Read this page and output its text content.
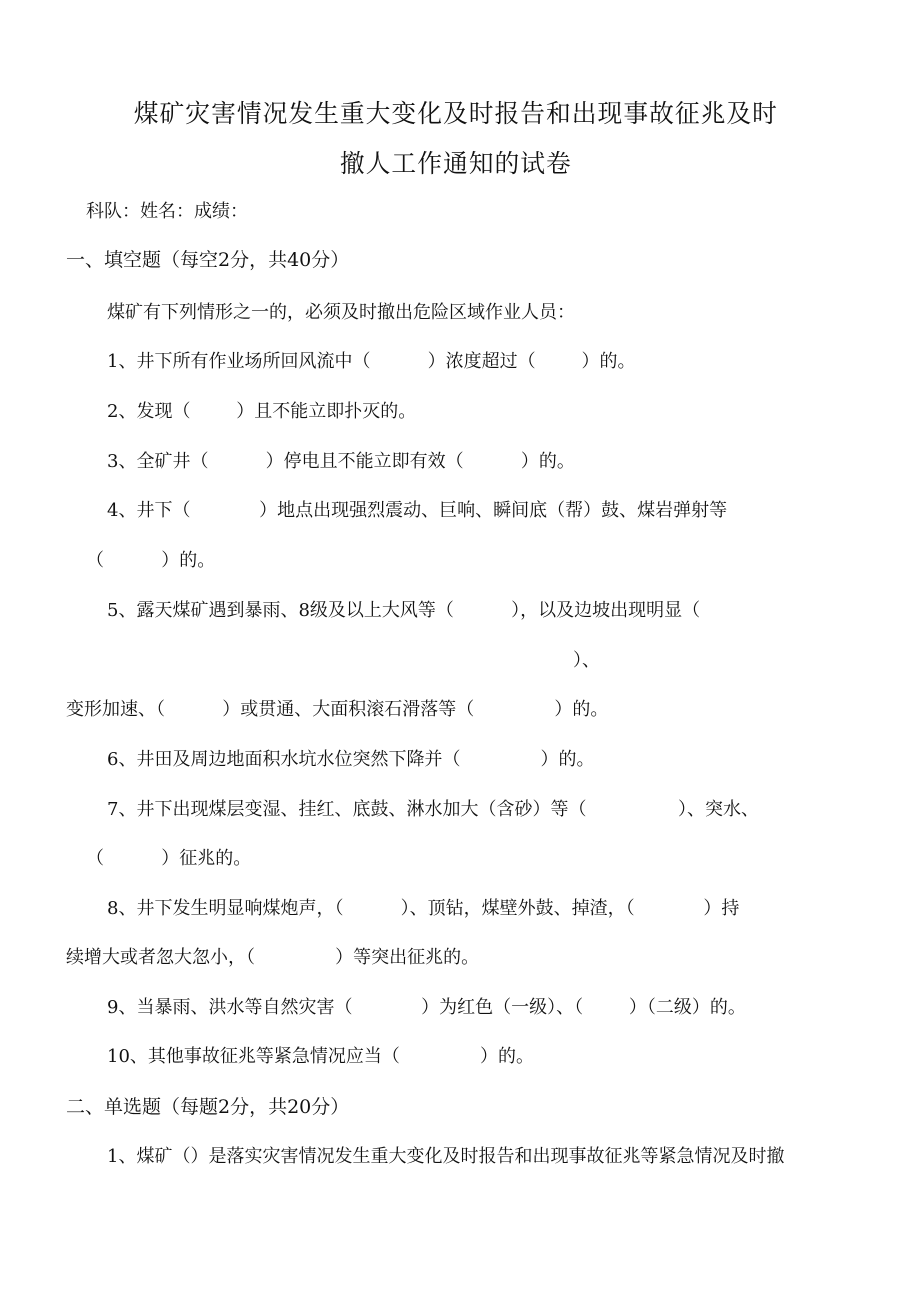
煤矿灾害情况发生重大变化及时报告和出现事故征兆及时
撤人工作通知的试卷
科队：姓名：成绩：
一、填空题（每空2分，共40分）
煤矿有下列情形之一的，必须及时撤出危险区域作业人员：
1、井下所有作业场所回风流中（          ）浓度超过（        ）的。
2、发现（        ）且不能立即扑灭的。
3、全矿井（          ）停电且不能立即有效（          ）的。
4、井下（            ）地点出现强烈震动、巨响、瞬间底（帮）鼓、煤岩弹射等
（          ）的。
5、露天煤矿遇到暴雨、8级及以上大风等（          ），以及边坡出现明显（
）、
变形加速、（          ）或贯通、大面积滚石滑落等（              ）的。
6、井田及周边地面积水坑水位突然下降并（              ）的。
7、井下出现煤层变湿、挂红、底鼓、淋水加大（含砂）等（                ）、突水、
（          ）征兆的。
8、井下发生明显响煤炮声，（          ）、顶钻，煤壁外鼓、掉渣，（            ）持
续增大或者忽大忽小，（              ）等突出征兆的。
9、当暴雨、洪水等自然灾害（            ）为红色（一级）、（        ）（二级）的。
10、其他事故征兆等紧急情况应当（              ）的。
二、单选题（每题2分，共20分）
1、煤矿（）是落实灾害情况发生重大变化及时报告和出现事故征兆等紧急情况及时撤
